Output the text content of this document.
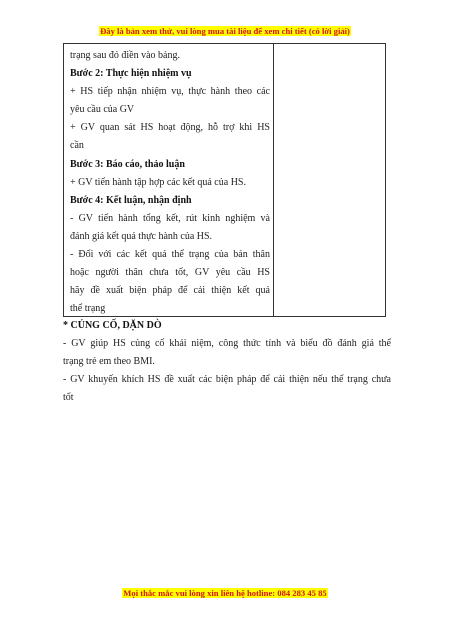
Đây là bản xem thử, vui lòng mua tài liệu để xem chi tiết (có lời giải)
trạng sau đó điền vào bảng.
Bước 2: Thực hiện nhiệm vụ
+ HS tiếp nhận nhiệm vụ, thực hành theo các
yêu cầu của GV
+ GV quan sát HS hoạt động, hỗ trợ khi HS
cần
Bước 3: Báo cáo, thảo luận
+ GV tiến hành tập hợp các kết quả của HS.
Bước 4: Kết luận, nhận định
- GV tiến hành tổng kết, rút kinh nghiệm và
đánh giá kết quả thực hành của HS.
- Đối với các kết quả thể trạng của bản thân
hoặc người thân chưa tốt, GV yêu cầu HS
hãy đề xuất biện pháp để cải thiện kết quả
thể trạng
* CỦNG CỐ, DẶN DÒ
- GV giúp HS củng cố khái niệm, công thức tính và biểu đồ đánh giá thể
trạng trẻ em theo BMI.
- GV khuyến khích HS đề xuất các biện pháp để cải thiện nếu thể trạng chưa
tốt
Mọi thắc mắc vui lòng xin liên hệ hotline: 084 283 45 85
